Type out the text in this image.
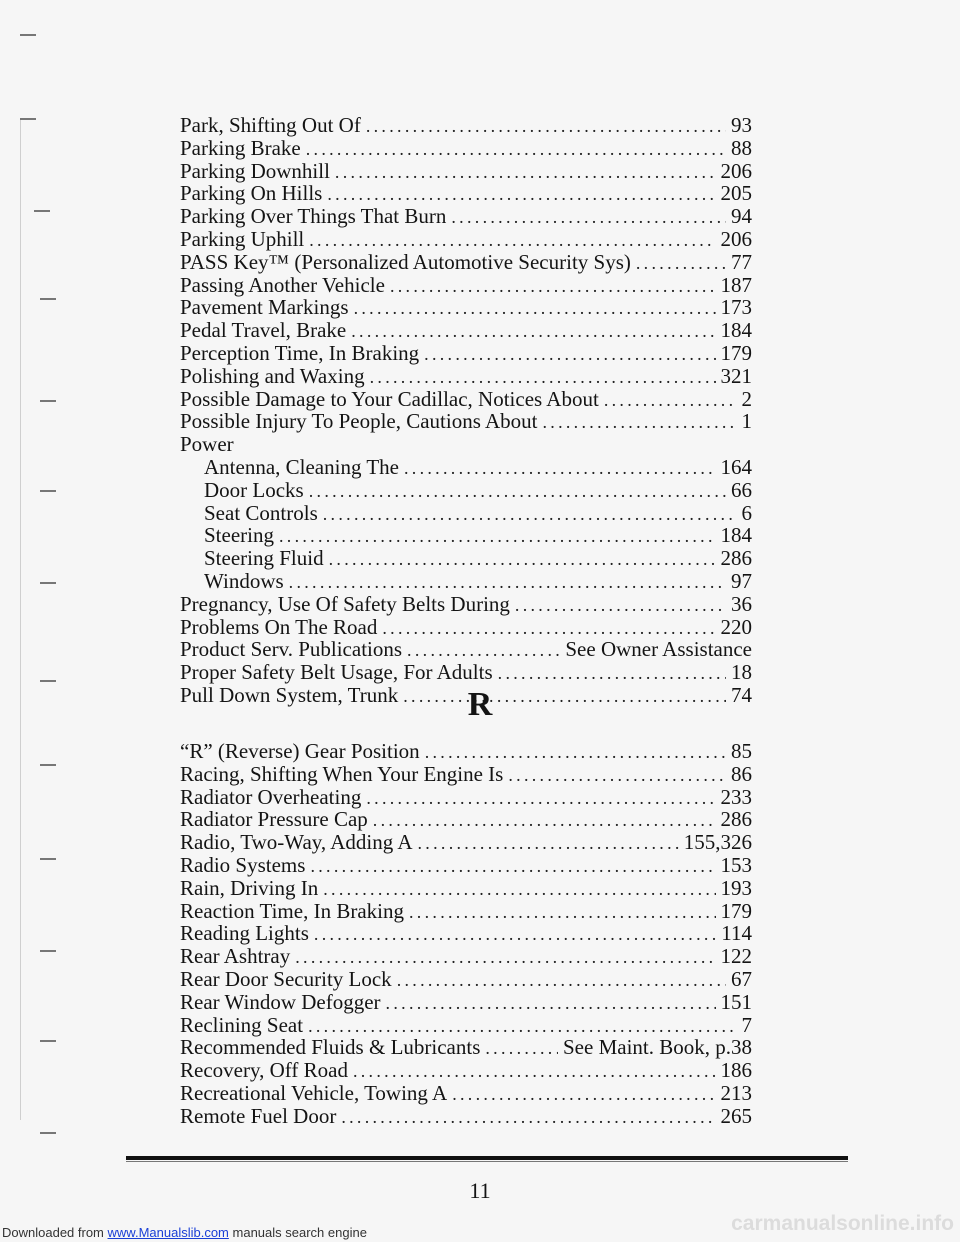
Park, Shifting Out Of .....	93
Parking Brake .....	88
Parking Downhill .....	206
Parking On Hills .....	205
Parking Over Things That Burn .....	94
Parking Uphill .....	206
PASS Key™ (Personalized Automotive Security Sys) .....	77
Passing Another Vehicle .....	187
Pavement Markings .....	173
Pedal Travel, Brake .....	184
Perception Time, In Braking .....	179
Polishing and Waxing .....	321
Possible Damage to Your Cadillac, Notices About .....	2
Possible Injury To People, Cautions About .....	1
Power
Antenna, Cleaning The .....	164
Door Locks .....	66
Seat Controls .....	6
Steering .....	184
Steering Fluid .....	286
Windows .....	97
Pregnancy, Use Of Safety Belts During .....	36
Problems On The Road .....	220
Product Serv. Publications .....	See Owner Assistance
Proper Safety Belt Usage, For Adults .....	18
Pull Down System, Trunk .....	74
R
“R” (Reverse) Gear Position .....	85
Racing, Shifting When Your Engine Is .....	86
Radiator Overheating .....	233
Radiator Pressure Cap .....	286
Radio, Two-Way, Adding A .....	155,326
Radio Systems .....	153
Rain, Driving In .....	193
Reaction Time, In Braking .....	179
Reading Lights .....	114
Rear Ashtray .....	122
Rear Door Security Lock .....	67
Rear Window Defogger .....	151
Reclining Seat .....	7
Recommended Fluids & Lubricants .....	See Maint. Book, p.38
Recovery, Off Road .....	186
Recreational Vehicle, Towing A .....	213
Remote Fuel Door .....	265
11
Downloaded from www.Manualslib.com manuals search engine	carmanualsonline.info
